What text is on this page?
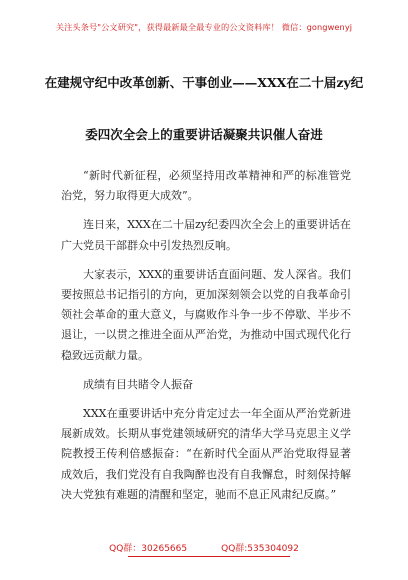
关注头条号"公文研究"，获得最新最全最专业的公文资料库！ 微信：gongwenyj
在建规守纪中改革创新、干事创业——XXX在二十届zy纪
委四次全会上的重要讲话凝聚共识催人奋进

“新时代新征程，必须坚持用改革精神和严的标准管党治党，努力取得更大成效”。

连日来，XXX在二十届zy纪委四次全会上的重要讲话在广大党员干部群众中引发热烈反响。

大家表示，XXX的重要讲话直面问题、发人深省。我们要按照总书记指引的方向，更加深刻领会以党的自我革命引领社会革命的重大意义，与腐败作斗争一步不停歇、半步不退让，一以贯之推进全面从严治党，为推动中国式现代化行稳致远贡献力量。

成绩有目共睹令人振奋

XXX在重要讲话中充分肯定过去一年全面从严治党新进展新成效。长期从事党建领域研究的清华大学马克思主义学院教授王传利倍感振奋：“在新时代全面从严治党取得显著成效后，我们党没有自我陶醉也没有自我懈怠，时刻保持解决大党独有难题的清醒和坚定，驰而不息正风肃纪反腐。”

QQ群：30265665	QQ群:535304092
